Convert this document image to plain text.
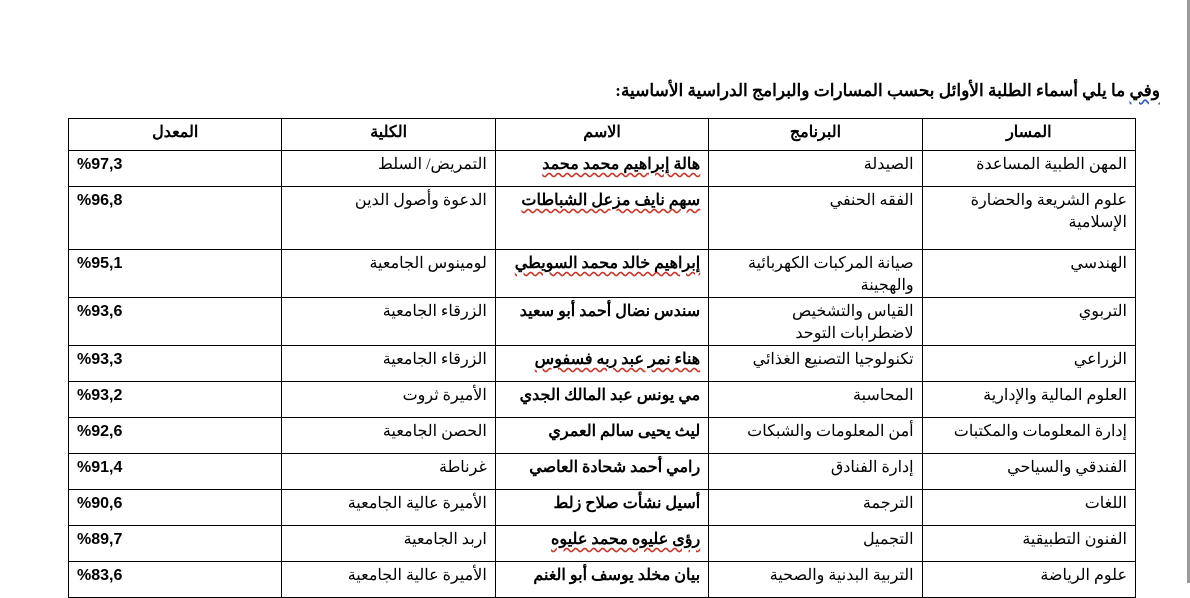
وفي ما يلي أسماء الطلبة الأوائل بحسب المسارات والبرامج الدراسية الأساسية:
المسار	البرنامج	الاسم	الكلية	المعدل
المهن الطبية المساعدة	الصيدلة	هالة إبراهيم محمد محمد	التمريض/ السلط	%97,3
علوم الشريعة والحضارة الإسلامية	الفقه الحنفي	سهم نايف مزعل الشباطات	الدعوة وأصول الدين	%96,8
الهندسي	صيانة المركبات الكهربائية والهجينة	إبراهيم خالد محمد السويطي	لومينوس الجامعية	%95,1
التربوي	القياس والتشخيص لاضطرابات التوحد	سندس نضال أحمد أبو سعيد	الزرقاء الجامعية	%93,6
الزراعي	تكنولوجيا التصنيع الغذائي	هناء نمر عبد ربه فسفوس	الزرقاء الجامعية	%93,3
العلوم المالية والإدارية	المحاسبة	مي يونس عبد المالك الجدي	الأميرة ثروت	%93,2
إدارة المعلومات والمكتبات	أمن المعلومات والشبكات	ليث يحيى سالم العمري	الحصن الجامعية	%92,6
الفندقي والسياحي	إدارة الفنادق	رامي أحمد شحادة العاصي	غرناطة	%91,4
اللغات	الترجمة	أسيل نشأت صلاح زلط	الأميرة عالية الجامعية	%90,6
الفنون التطبيقية	التجميل	رؤى عليوه محمد عليوه	اربد الجامعية	%89,7
علوم الرياضة	التربية البدنية والصحية	بيان مخلد يوسف أبو الغنم	الأميرة عالية الجامعية	%83,6
